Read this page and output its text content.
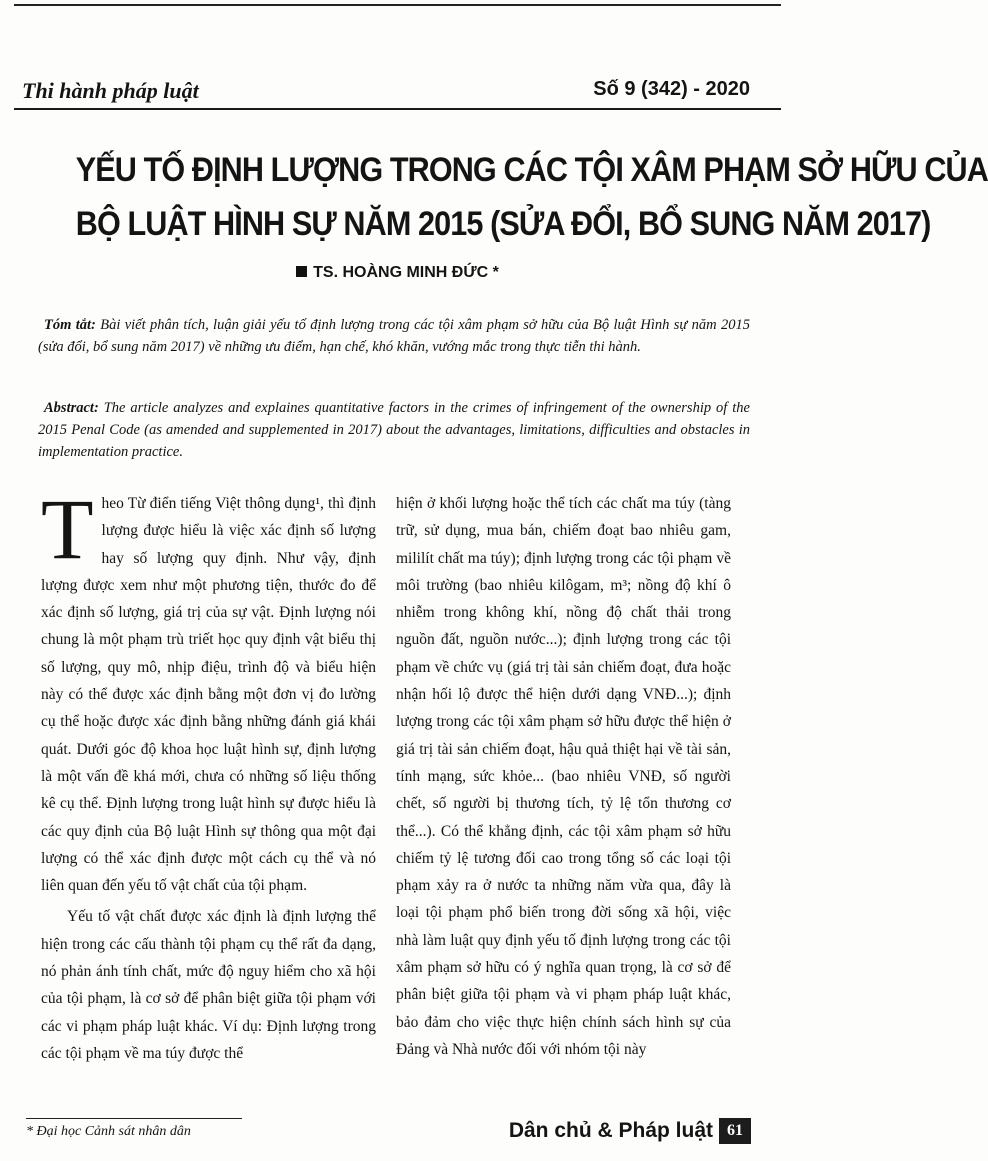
Thi hành pháp luật	Số 9 (342) - 2020
YẾU TỐ ĐỊNH LƯỢNG TRONG CÁC TỘI XÂM PHẠM SỞ HỮU CỦA
BỘ LUẬT HÌNH SỰ NĂM 2015 (SỬA ĐỔI, BỔ SUNG NĂM 2017)
TS. HOÀNG MINH ĐỨC *
Tóm tắt: Bài viết phân tích, luận giải yếu tố định lượng trong các tội xâm phạm sở hữu của Bộ luật Hình sự năm 2015 (sửa đổi, bổ sung năm 2017) về những ưu điểm, hạn chế, khó khăn, vướng mắc trong thực tiễn thi hành.
Abstract: The article analyzes and explaines quantitative factors in the crimes of infringement of the ownership of the 2015 Penal Code (as amended and supplemented in 2017) about the advantages, limitations, difficulties and obstacles in implementation practice.

Theo Từ điển tiếng Việt thông dụng¹, thì định lượng được hiểu là việc xác định số lượng hay số lượng quy định. Như vậy, định lượng được xem như một phương tiện, thước đo để xác định số lượng, giá trị của sự vật. Định lượng nói chung là một phạm trù triết học quy định vật biểu thị số lượng, quy mô, nhịp điệu, trình độ và biểu hiện này có thể được xác định bằng một đơn vị đo lường cụ thể hoặc được xác định bằng những đánh giá khái quát. Dưới góc độ khoa học luật hình sự, định lượng là một vấn đề khá mới, chưa có những số liệu thống kê cụ thể. Định lượng trong luật hình sự được hiểu là các quy định của Bộ luật Hình sự thông qua một đại lượng có thể xác định được một cách cụ thể và nó liên quan đến yếu tố vật chất của tội phạm.

Yếu tố vật chất được xác định là định lượng thể hiện trong các cấu thành tội phạm cụ thể rất đa dạng, nó phản ánh tính chất, mức độ nguy hiểm cho xã hội của tội phạm, là cơ sở để phân biệt giữa tội phạm với các vi phạm pháp luật khác. Ví dụ: Định lượng trong các tội phạm về ma túy được thể

hiện ở khối lượng hoặc thể tích các chất ma túy (tàng trữ, sử dụng, mua bán, chiếm đoạt bao nhiêu gam, mililít chất ma túy); định lượng trong các tội phạm về môi trường (bao nhiêu kilôgam, m³; nồng độ khí ô nhiễm trong không khí, nồng độ chất thải trong nguồn đất, nguồn nước...); định lượng trong các tội phạm về chức vụ (giá trị tài sản chiếm đoạt, đưa hoặc nhận hối lộ được thể hiện dưới dạng VNĐ...); định lượng trong các tội xâm phạm sở hữu được thể hiện ở giá trị tài sản chiếm đoạt, hậu quả thiệt hại về tài sản, tính mạng, sức khỏe... (bao nhiêu VNĐ, số người chết, số người bị thương tích, tỷ lệ tổn thương cơ thể...). Có thể khẳng định, các tội xâm phạm sở hữu chiếm tỷ lệ tương đối cao trong tổng số các loại tội phạm xảy ra ở nước ta những năm vừa qua, đây là loại tội phạm phổ biến trong đời sống xã hội, việc nhà làm luật quy định yếu tố định lượng trong các tội xâm phạm sở hữu có ý nghĩa quan trọng, là cơ sở để phân biệt giữa tội phạm và vi phạm pháp luật khác, bảo đảm cho việc thực hiện chính sách hình sự của Đảng và Nhà nước đối với nhóm tội này

* Đại học Cảnh sát nhân dân	Dân chủ & Pháp luật 61
